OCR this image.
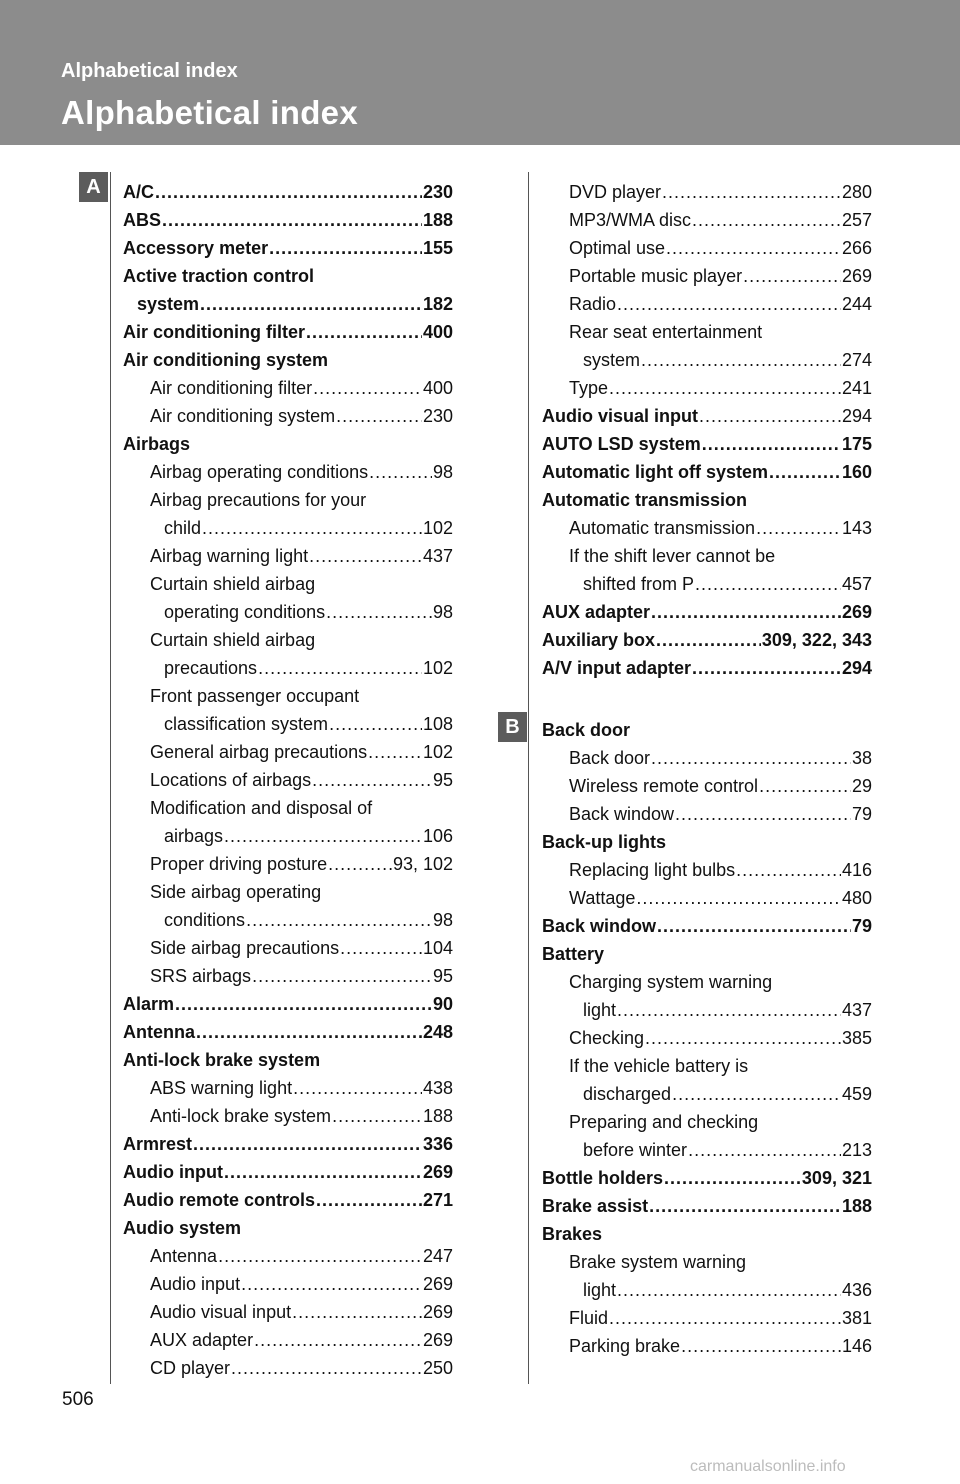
Alphabetical index
Alphabetical index
A
B
A/C .....	230
ABS .....	188
Accessory meter .....	155
Active traction control
system .....	182
Air conditioning filter .....	400
Air conditioning system
Air conditioning filter .....	400
Air conditioning system .....	230
Airbags
Airbag operating conditions .....	98
Airbag precautions for your
child .....	102
Airbag warning light .....	437
Curtain shield airbag
operating conditions .....	98
Curtain shield airbag
precautions .....	102
Front passenger occupant
classification system .....	108
General airbag precautions .....	102
Locations of airbags .....	95
Modification and disposal of
airbags .....	106
Proper driving posture .....	93, 102
Side airbag operating
conditions .....	98
Side airbag precautions .....	104
SRS airbags .....	95
Alarm .....	90
Antenna .....	248
Anti-lock brake system
ABS warning light .....	438
Anti-lock brake system .....	188
Armrest .....	336
Audio input .....	269
Audio remote controls .....	271
Audio system
Antenna .....	247
Audio input .....	269
Audio visual input .....	269
AUX adapter .....	269
CD player .....	250
DVD player .....	280
MP3/WMA disc .....	257
Optimal use .....	266
Portable music player .....	269
Radio .....	244
Rear seat entertainment
system .....	274
Type .....	241
Audio visual input .....	294
AUTO LSD system .....	175
Automatic light off system .....	160
Automatic transmission
Automatic transmission .....	143
If the shift lever cannot be
shifted from P .....	457
AUX adapter .....	269
Auxiliary box .....	309, 322, 343
A/V input adapter .....	294
Back door
Back door .....	38
Wireless remote control .....	29
Back window .....	79
Back-up lights
Replacing light bulbs .....	416
Wattage .....	480
Back window .....	79
Battery
Charging system warning
light .....	437
Checking .....	385
If the vehicle battery is
discharged .....	459
Preparing and checking
before winter .....	213
Bottle holders .....	309, 321
Brake assist .....	188
Brakes
Brake system warning
light .....	436
Fluid .....	381
Parking brake .....	146
506
carmanualsonline.info
